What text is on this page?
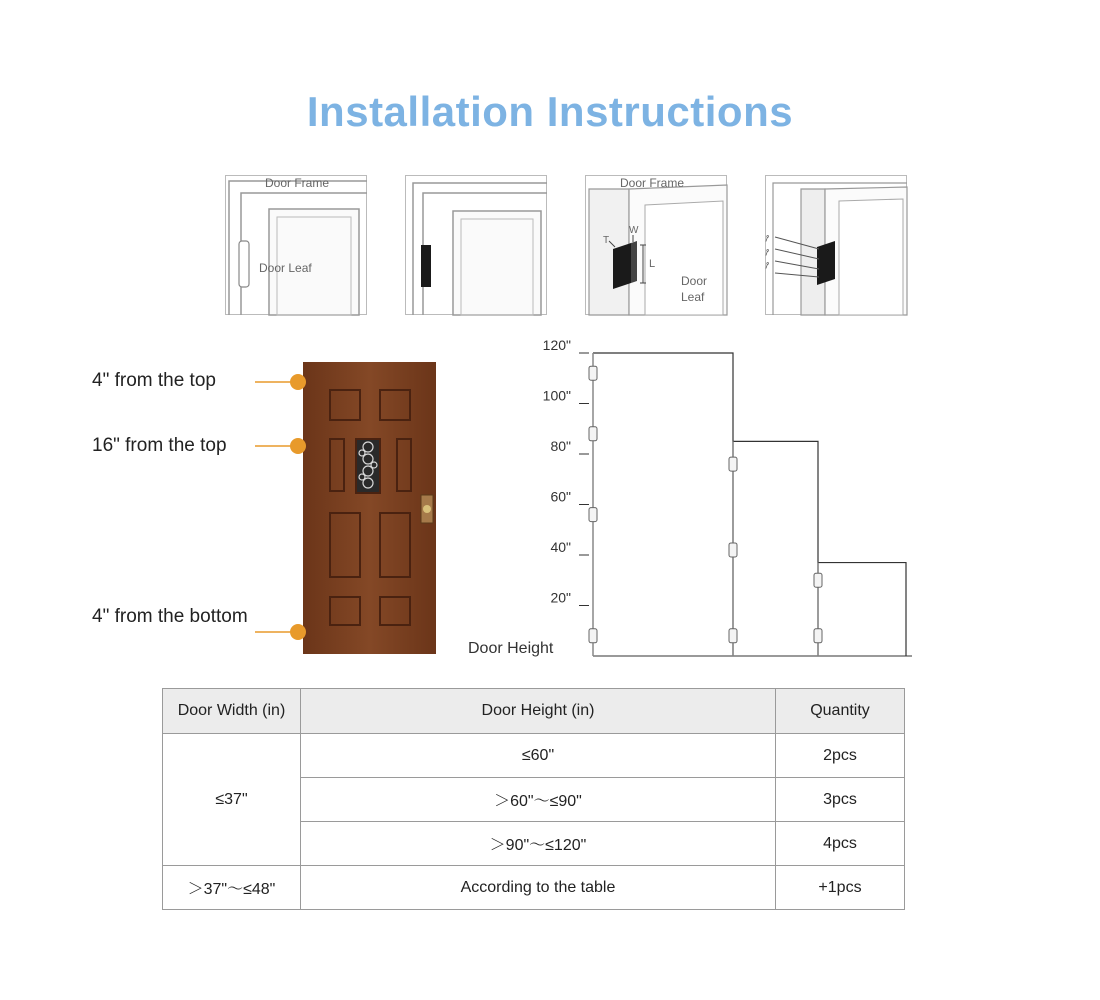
Installation Instructions
Door Frame
Door Leaf
Door Frame
T
W
L
Door
Leaf
⊸
⊸
⊸
4" from the top
16" from the top
4" from the bottom
20"
40"
60"
80"
100"
120"
Door Height
Door Width (in)	Door Height (in)	Quantity
≤37"	≤60"	2pcs
	＞60"～≤90"	3pcs
	＞90"～≤120"	4pcs
＞37"～≤48"	According to the table	+1pcs
